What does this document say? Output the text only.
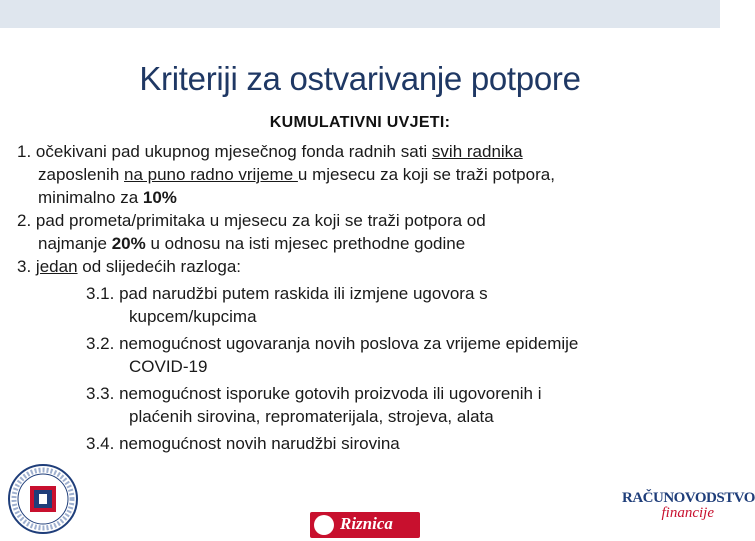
Kriteriji za ostvarivanje potpore
KUMULATIVNI UVJETI:

1. očekivani pad ukupnog mjesečnog fonda radnih sati svih radnika
zaposlenih na puno radno vrijeme u mjesecu za koji se traži potpora,
minimalno za 10%

2. pad prometa/primitaka u mjesecu za koji se traži potpora od
najmanje 20% u odnosu na isti mjesec prethodne godine

3. jedan od slijedećih razloga:

3.1. pad narudžbi putem raskida ili izmjene ugovora s
kupcem/kupcima

3.2. nemogućnost ugovaranja novih poslova za vrijeme epidemije
COVID-19

3.3. nemogućnost isporuke gotovih proizvoda ili ugovorenih i
plaćenih sirovina, repromaterijala, strojeva, alata

3.4. nemogućnost novih narudžbi sirovina

Riznica
RAČUNOVODSTVO
financije
